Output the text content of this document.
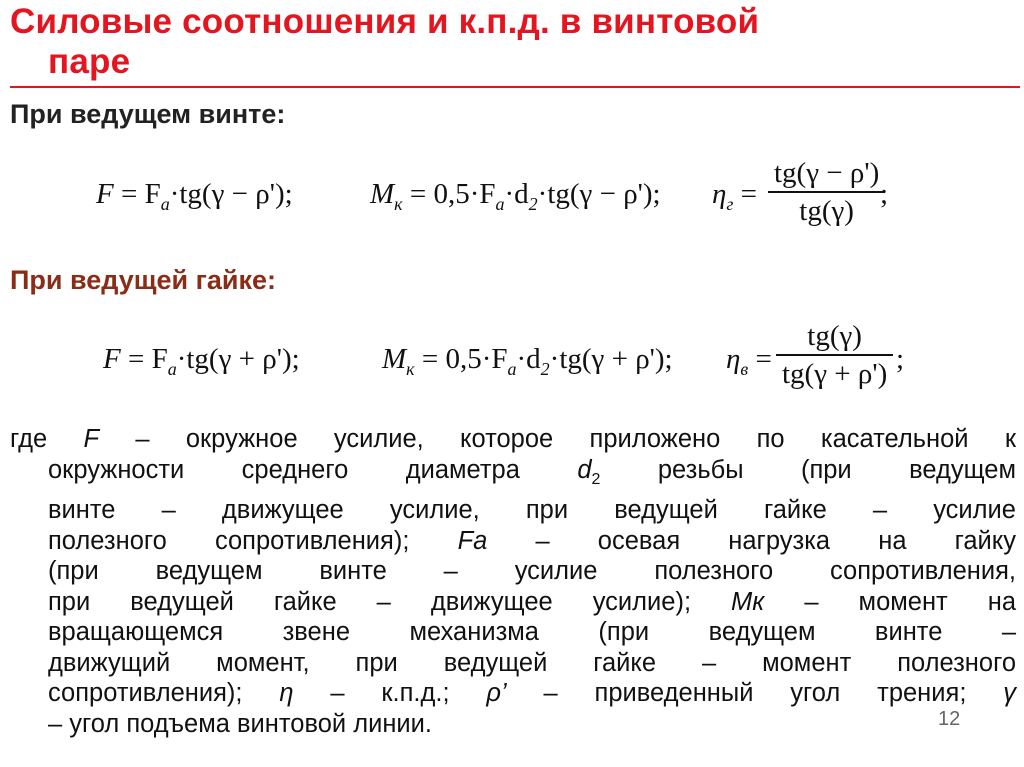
Силовые соотношения и к.п.д. в винтовой
паре
При ведущем винте:
$F = F_a\cdot tg(\gamma - \rho')$;	$M_к = 0,5\cdot F_a\cdot d_2\cdot tg(\gamma - \rho')$; $\eta_г$ =
tg(γ − ρ')
tg(γ)
;
При ведущей гайке:
$F = F_a\cdot tg(\gamma + \rho')$;	$M_к = 0,5\cdot F_a\cdot d_2\cdot tg(\gamma + \rho')$; $\eta_в$ =
tg(γ)
tg(γ + ρ') ;
где F – окружное усилие, которое приложено по касательной к
окружности среднего диаметра $d_2$ резьбы (при ведущем
винте – движущее усилие, при ведущей гайке – усилие
полезного сопротивления); Fa – осевая нагрузка на гайку
(при ведущем винте – усилие полезного сопротивления,
при ведущей гайке – движущее усилие); Мк – момент на
вращающемся звене механизма (при ведущем винте –
движущий момент, при ведущей гайке – момент полезного
сопротивления); η – к.п.д.; ρ’ – приведенный угол трения; γ
– угол подъема винтовой линии.	12
